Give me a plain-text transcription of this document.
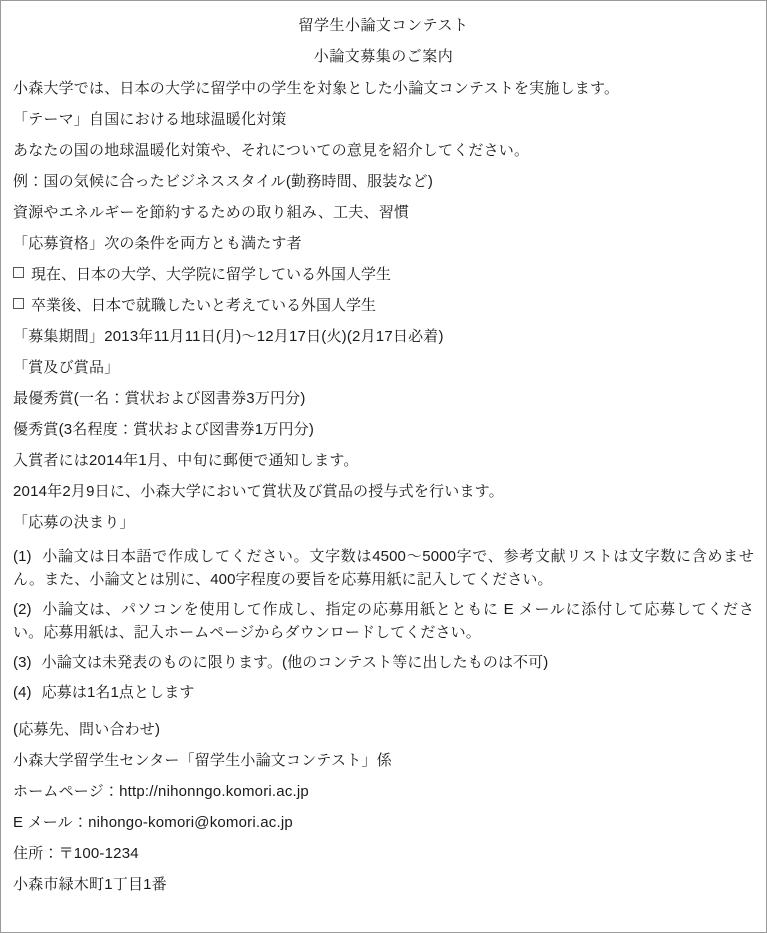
留学生小論文コンテスト
小論文募集のご案内
小森大学では、日本の大学に留学中の学生を対象とした小論文コンテストを実施します。
「テーマ」自国における地球温暖化対策
あなたの国の地球温暖化対策や、それについての意見を紹介してください。
例：国の気候に合ったビジネススタイル(勤務時間、服装など)
資源やエネルギーを節約するための取り組み、工夫、習慣
「応募資格」次の条件を両方とも満たす者
現在、日本の大学、大学院に留学している外国人学生
卒業後、日本で就職したいと考えている外国人学生
「募集期間」2013年11月11日(月)～12月17日(火)(2月17日必着)
「賞及び賞品」
最優秀賞(一名：賞状および図書券3万円分)
優秀賞(3名程度：賞状および図書券1万円分)
入賞者には2014年1月、中旬に郵便で通知します。
2014年2月9日に、小森大学において賞状及び賞品の授与式を行います。
「応募の決まり」
(1) 小論文は日本語で作成してください。文字数は4500～5000字で、参考文献リストは文字数に含めません。また、小論文とは別に、400字程度の要旨を応募用紙に記入してください。
(2) 小論文は、パソコンを使用して作成し、指定の応募用紙とともに E メールに添付して応募してください。応募用紙は、記入ホームページからダウンロードしてください。
(3) 小論文は未発表のものに限ります。(他のコンテスト等に出したものは不可)
(4) 応募は1名1点とします
(応募先、問い合わせ)
小森大学留学生センター「留学生小論文コンテスト」係
ホームページ：http://nihonngo.komori.ac.jp
E メール：nihongo-komori@komori.ac.jp
住所：〒100-1234
小森市緑木町1丁目1番
